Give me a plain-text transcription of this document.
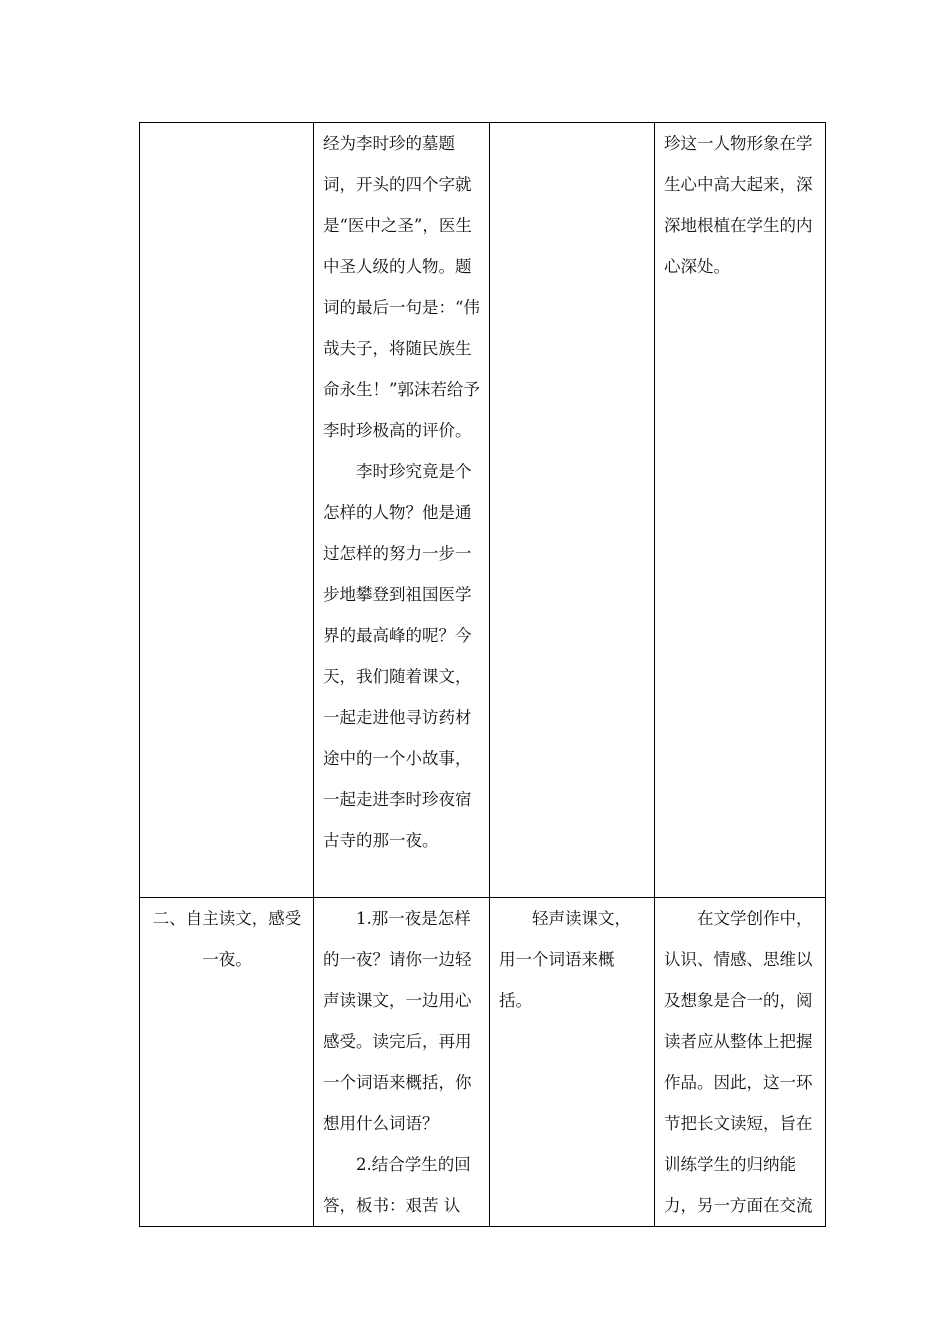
	经为李时珍的墓题词，开头的四个字就是“医中之圣”，医生中圣人级的人物。题词的最后一句是：“伟哉夫子，将随民族生命永生！”郭沫若给予李时珍极高的评价。

李时珍究竟是个怎样的人物？他是通过怎样的努力一步一步地攀登到祖国医学界的最高峰的呢？今天，我们随着课文，一起走进他寻访药材途中的一个小故事，一起走进李时珍夜宿古寺的那一夜。		珍这一人物形象在学生心中高大起来，深深地根植在学生的内心深处。

二、自主读文，感受一夜。	1.那一夜是怎样的一夜？请你一边轻声读课文，一边用心感受。读完后，再用一个词语来概括，你想用什么词语？

2.结合学生的回答，板书：艰苦 认	轻声读课文，用一个词语来概括。	在文学创作中，认识、情感、思维以及想象是合一的，阅读者应从整体上把握作品。因此，这一环节把长文读短，旨在训练学生的归纳能力，另一方面在交流
